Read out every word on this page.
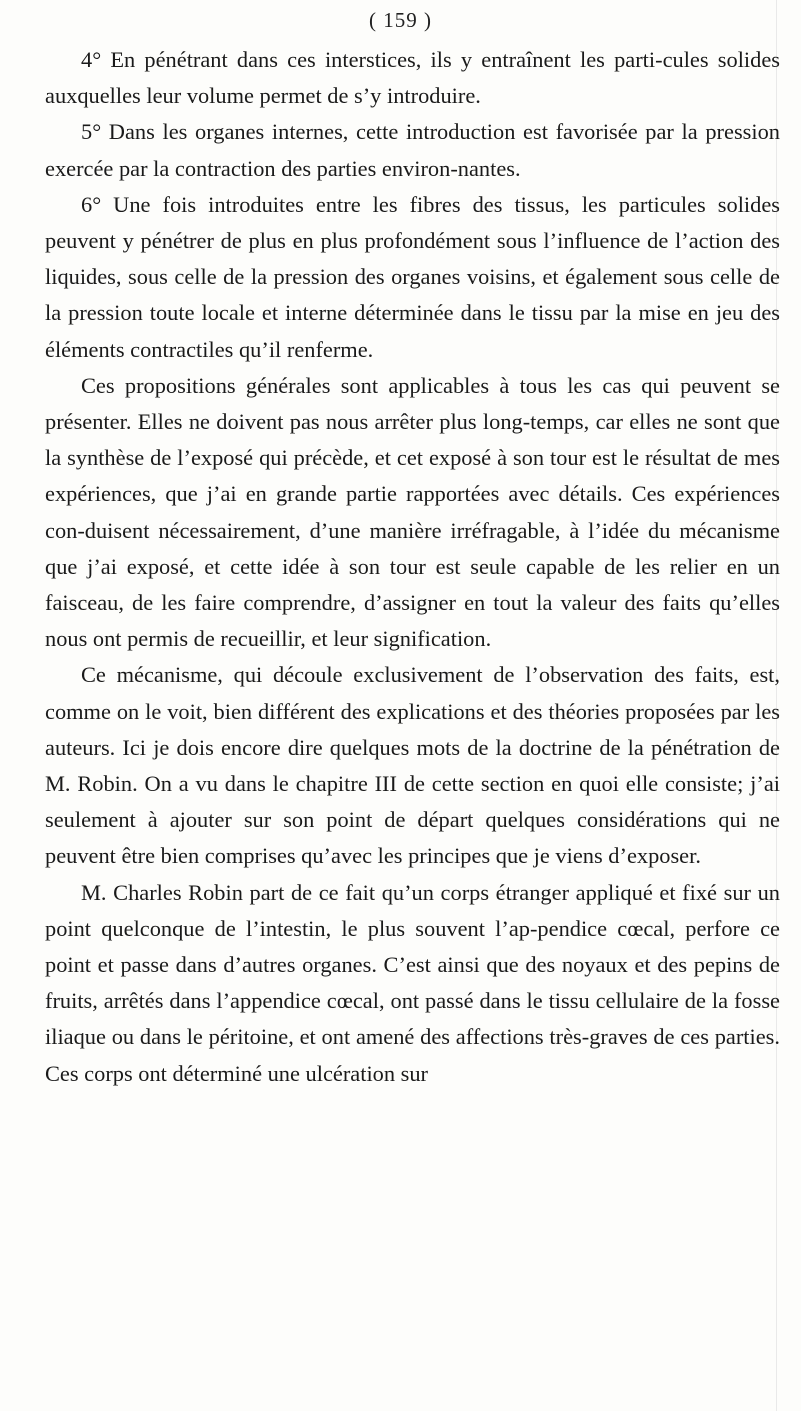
( 159 )

4° En pénétrant dans ces interstices, ils y entraînent les parti-cules solides auxquelles leur volume permet de s’y introduire.

5° Dans les organes internes, cette introduction est favorisée par la pression exercée par la contraction des parties environ-nantes.

6° Une fois introduites entre les fibres des tissus, les particules solides peuvent y pénétrer de plus en plus profondément sous l’influence de l’action des liquides, sous celle de la pression des organes voisins, et également sous celle de la pression toute locale et interne déterminée dans le tissu par la mise en jeu des éléments contractiles qu’il renferme.

Ces propositions générales sont applicables à tous les cas qui peuvent se présenter. Elles ne doivent pas nous arrêter plus long-temps, car elles ne sont que la synthèse de l’exposé qui précède, et cet exposé à son tour est le résultat de mes expériences, que j’ai en grande partie rapportées avec détails. Ces expériences con-duisent nécessairement, d’une manière irréfragable, à l’idée du mécanisme que j’ai exposé, et cette idée à son tour est seule capable de les relier en un faisceau, de les faire comprendre, d’assigner en tout la valeur des faits qu’elles nous ont permis de recueillir, et leur signification.

Ce mécanisme, qui découle exclusivement de l’observation des faits, est, comme on le voit, bien différent des explications et des théories proposées par les auteurs. Ici je dois encore dire quelques mots de la doctrine de la pénétration de M. Robin. On a vu dans le chapitre III de cette section en quoi elle consiste; j’ai seulement à ajouter sur son point de départ quelques considérations qui ne peuvent être bien comprises qu’avec les principes que je viens d’exposer.

M. Charles Robin part de ce fait qu’un corps étranger appliqué et fixé sur un point quelconque de l’intestin, le plus souvent l’ap-pendice cœcal, perfore ce point et passe dans d’autres organes. C’est ainsi que des noyaux et des pepins de fruits, arrêtés dans l’appendice cœcal, ont passé dans le tissu cellulaire de la fosse iliaque ou dans le péritoine, et ont amené des affections très-graves de ces parties. Ces corps ont déterminé une ulcération sur
